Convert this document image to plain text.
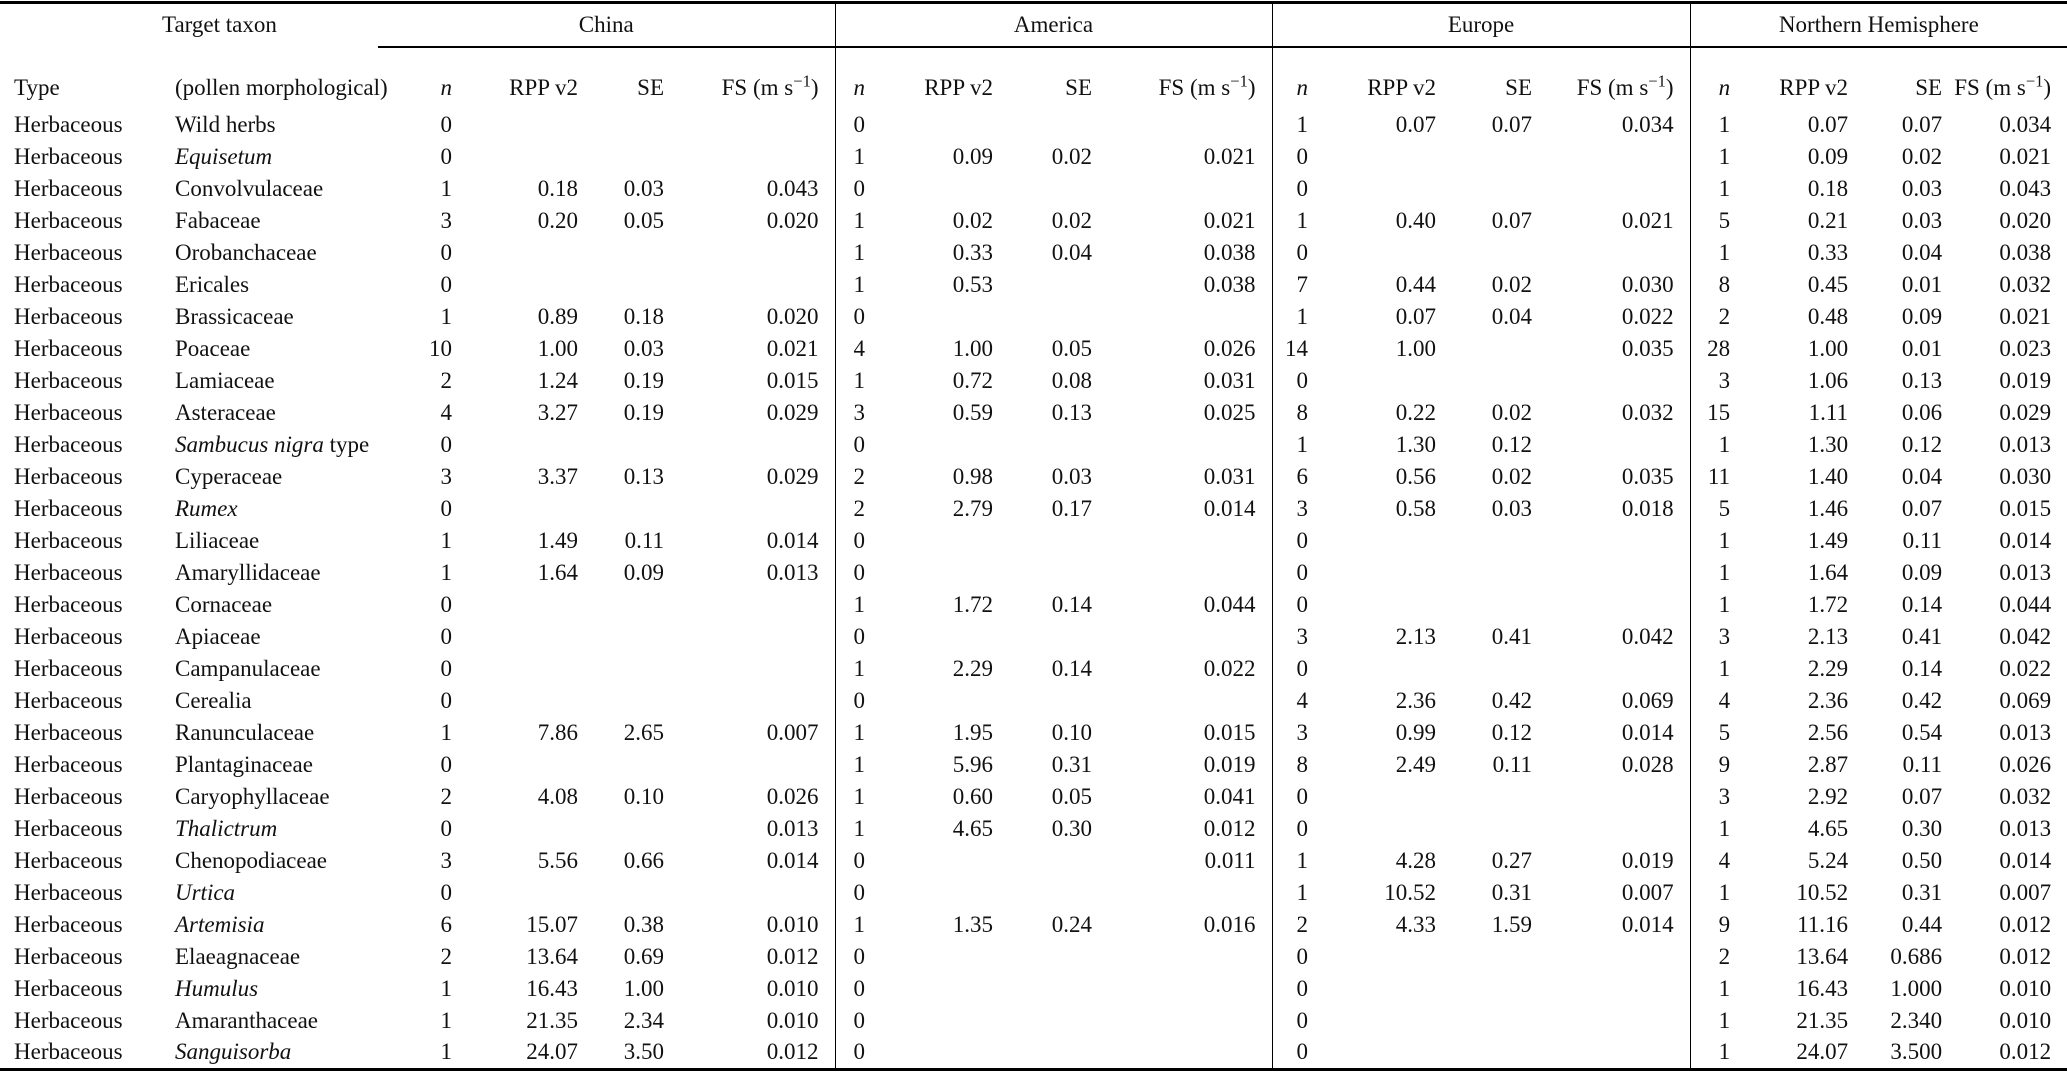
	Target taxon	China				America				Europe				Northern Hemisphere			
Type	(pollen morphological)	n	RPP v2	SE	FS (m $s^{-1}$)	n	RPP v2	SE	FS (m $s^{-1}$)	n	RPP v2	SE	FS (m $s^{-1}$)	n	RPP v2	SE	FS (m $s^{-1}$)
Herbaceous	Wild herbs	0				0				1	0.07	0.07	0.034	1	0.07	0.07	0.034
Herbaceous	Equisetum	0				1	0.09	0.02	0.021	0				1	0.09	0.02	0.021
Herbaceous	Convolvulaceae	1	0.18	0.03	0.043	0				0				1	0.18	0.03	0.043
Herbaceous	Fabaceae	3	0.20	0.05	0.020	1	0.02	0.02	0.021	1	0.40	0.07	0.021	5	0.21	0.03	0.020
Herbaceous	Orobanchaceae	0				1	0.33	0.04	0.038	0				1	0.33	0.04	0.038
Herbaceous	Ericales	0				1	0.53		0.038	7	0.44	0.02	0.030	8	0.45	0.01	0.032
Herbaceous	Brassicaceae	1	0.89	0.18	0.020	0				1	0.07	0.04	0.022	2	0.48	0.09	0.021
Herbaceous	Poaceae	10	1.00	0.03	0.021	4	1.00	0.05	0.026	14	1.00		0.035	28	1.00	0.01	0.023
Herbaceous	Lamiaceae	2	1.24	0.19	0.015	1	0.72	0.08	0.031	0				3	1.06	0.13	0.019
Herbaceous	Asteraceae	4	3.27	0.19	0.029	3	0.59	0.13	0.025	8	0.22	0.02	0.032	15	1.11	0.06	0.029
Herbaceous	Sambucus nigra type	0				0				1	1.30	0.12		1	1.30	0.12	0.013
Herbaceous	Cyperaceae	3	3.37	0.13	0.029	2	0.98	0.03	0.031	6	0.56	0.02	0.035	11	1.40	0.04	0.030
Herbaceous	Rumex	0				2	2.79	0.17	0.014	3	0.58	0.03	0.018	5	1.46	0.07	0.015
Herbaceous	Liliaceae	1	1.49	0.11	0.014	0				0				1	1.49	0.11	0.014
Herbaceous	Amaryllidaceae	1	1.64	0.09	0.013	0				0				1	1.64	0.09	0.013
Herbaceous	Cornaceae	0				1	1.72	0.14	0.044	0				1	1.72	0.14	0.044
Herbaceous	Apiaceae	0				0				3	2.13	0.41	0.042	3	2.13	0.41	0.042
Herbaceous	Campanulaceae	0				1	2.29	0.14	0.022	0				1	2.29	0.14	0.022
Herbaceous	Cerealia	0				0				4	2.36	0.42	0.069	4	2.36	0.42	0.069
Herbaceous	Ranunculaceae	1	7.86	2.65	0.007	1	1.95	0.10	0.015	3	0.99	0.12	0.014	5	2.56	0.54	0.013
Herbaceous	Plantaginaceae	0				1	5.96	0.31	0.019	8	2.49	0.11	0.028	9	2.87	0.11	0.026
Herbaceous	Caryophyllaceae	2	4.08	0.10	0.026	1	0.60	0.05	0.041	0				3	2.92	0.07	0.032
Herbaceous	Thalictrum	0			0.013	1	4.65	0.30	0.012	0				1	4.65	0.30	0.013
Herbaceous	Chenopodiaceae	3	5.56	0.66	0.014	0			0.011	1	4.28	0.27	0.019	4	5.24	0.50	0.014
Herbaceous	Urtica	0				0				1	10.52	0.31	0.007	1	10.52	0.31	0.007
Herbaceous	Artemisia	6	15.07	0.38	0.010	1	1.35	0.24	0.016	2	4.33	1.59	0.014	9	11.16	0.44	0.012
Herbaceous	Elaeagnaceae	2	13.64	0.69	0.012	0				0				2	13.64	0.686	0.012
Herbaceous	Humulus	1	16.43	1.00	0.010	0				0				1	16.43	1.000	0.010
Herbaceous	Amaranthaceae	1	21.35	2.34	0.010	0				0				1	21.35	2.340	0.010
Herbaceous	Sanguisorba	1	24.07	3.50	0.012	0				0				1	24.07	3.500	0.012
